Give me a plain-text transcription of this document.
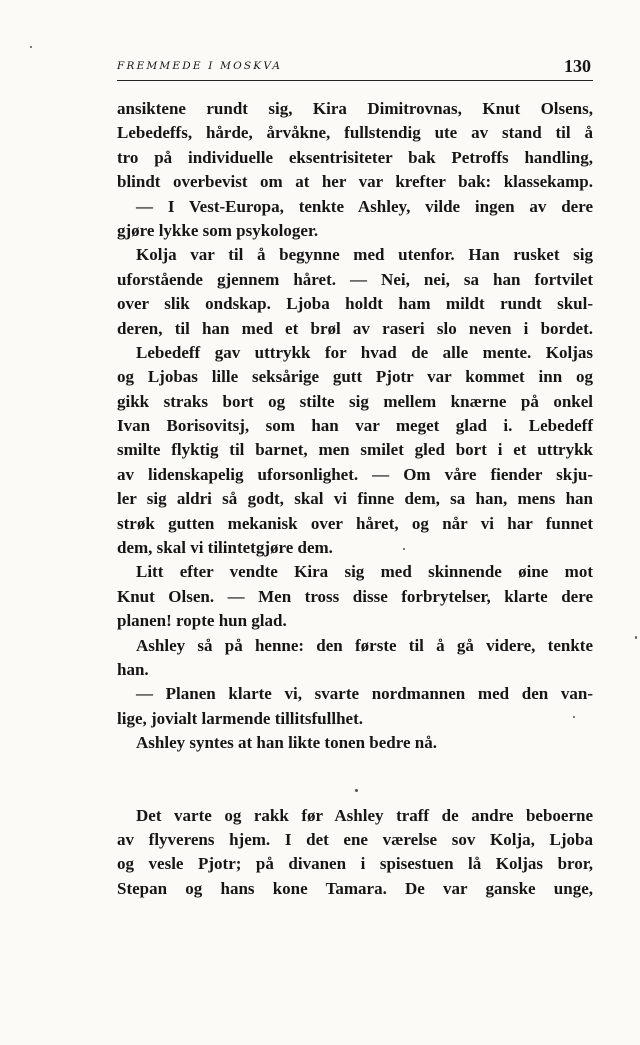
FREMMEDE I MOSKVA	130
ansiktene rundt sig, Kira Dimitrovnas, Knut Olsens,
Lebedeffs, hårde, årvåkne, fullstendig ute av stand til å
tro på individuelle eksentrisiteter bak Petroffs handling,
blindt overbevist om at her var krefter bak: klassekamp.
— I Vest-Europa, tenkte Ashley, vilde ingen av dere
gjøre lykke som psykologer.
Kolja var til å begynne med utenfor. Han rusket sig
uforstående gjennem håret. — Nei, nei, sa han fortvilet
over slik ondskap. Ljoba holdt ham mildt rundt skul-
deren, til han med et brøl av raseri slo neven i bordet.
Lebedeff gav uttrykk for hvad de alle mente. Koljas
og Ljobas lille seksårige gutt Pjotr var kommet inn og
gikk straks bort og stilte sig mellem knærne på onkel
Ivan Borisovitsj, som han var meget glad i. Lebedeff
smilte flyktig til barnet, men smilet gled bort i et uttrykk
av lidenskapelig uforsonlighet. — Om våre fiender skju-
ler sig aldri så godt, skal vi finne dem, sa han, mens han
strøk gutten mekanisk over håret, og når vi har funnet
dem, skal vi tilintetgjøre dem.
Litt efter vendte Kira sig med skinnende øine mot
Knut Olsen. — Men tross disse forbrytelser, klarte dere
planen! ropte hun glad.
Ashley så på henne: den første til å gå videre, tenkte
han.
— Planen klarte vi, svarte nordmannen med den van-
lige, jovialt larmende tillitsfullhet.
Ashley syntes at han likte tonen bedre nå.
Det varte og rakk før Ashley traff de andre beboerne
av flyverens hjem. I det ene værelse sov Kolja, Ljoba
og vesle Pjotr; på divanen i spisestuen lå Koljas bror,
Stepan og hans kone Tamara. De var ganske unge,
